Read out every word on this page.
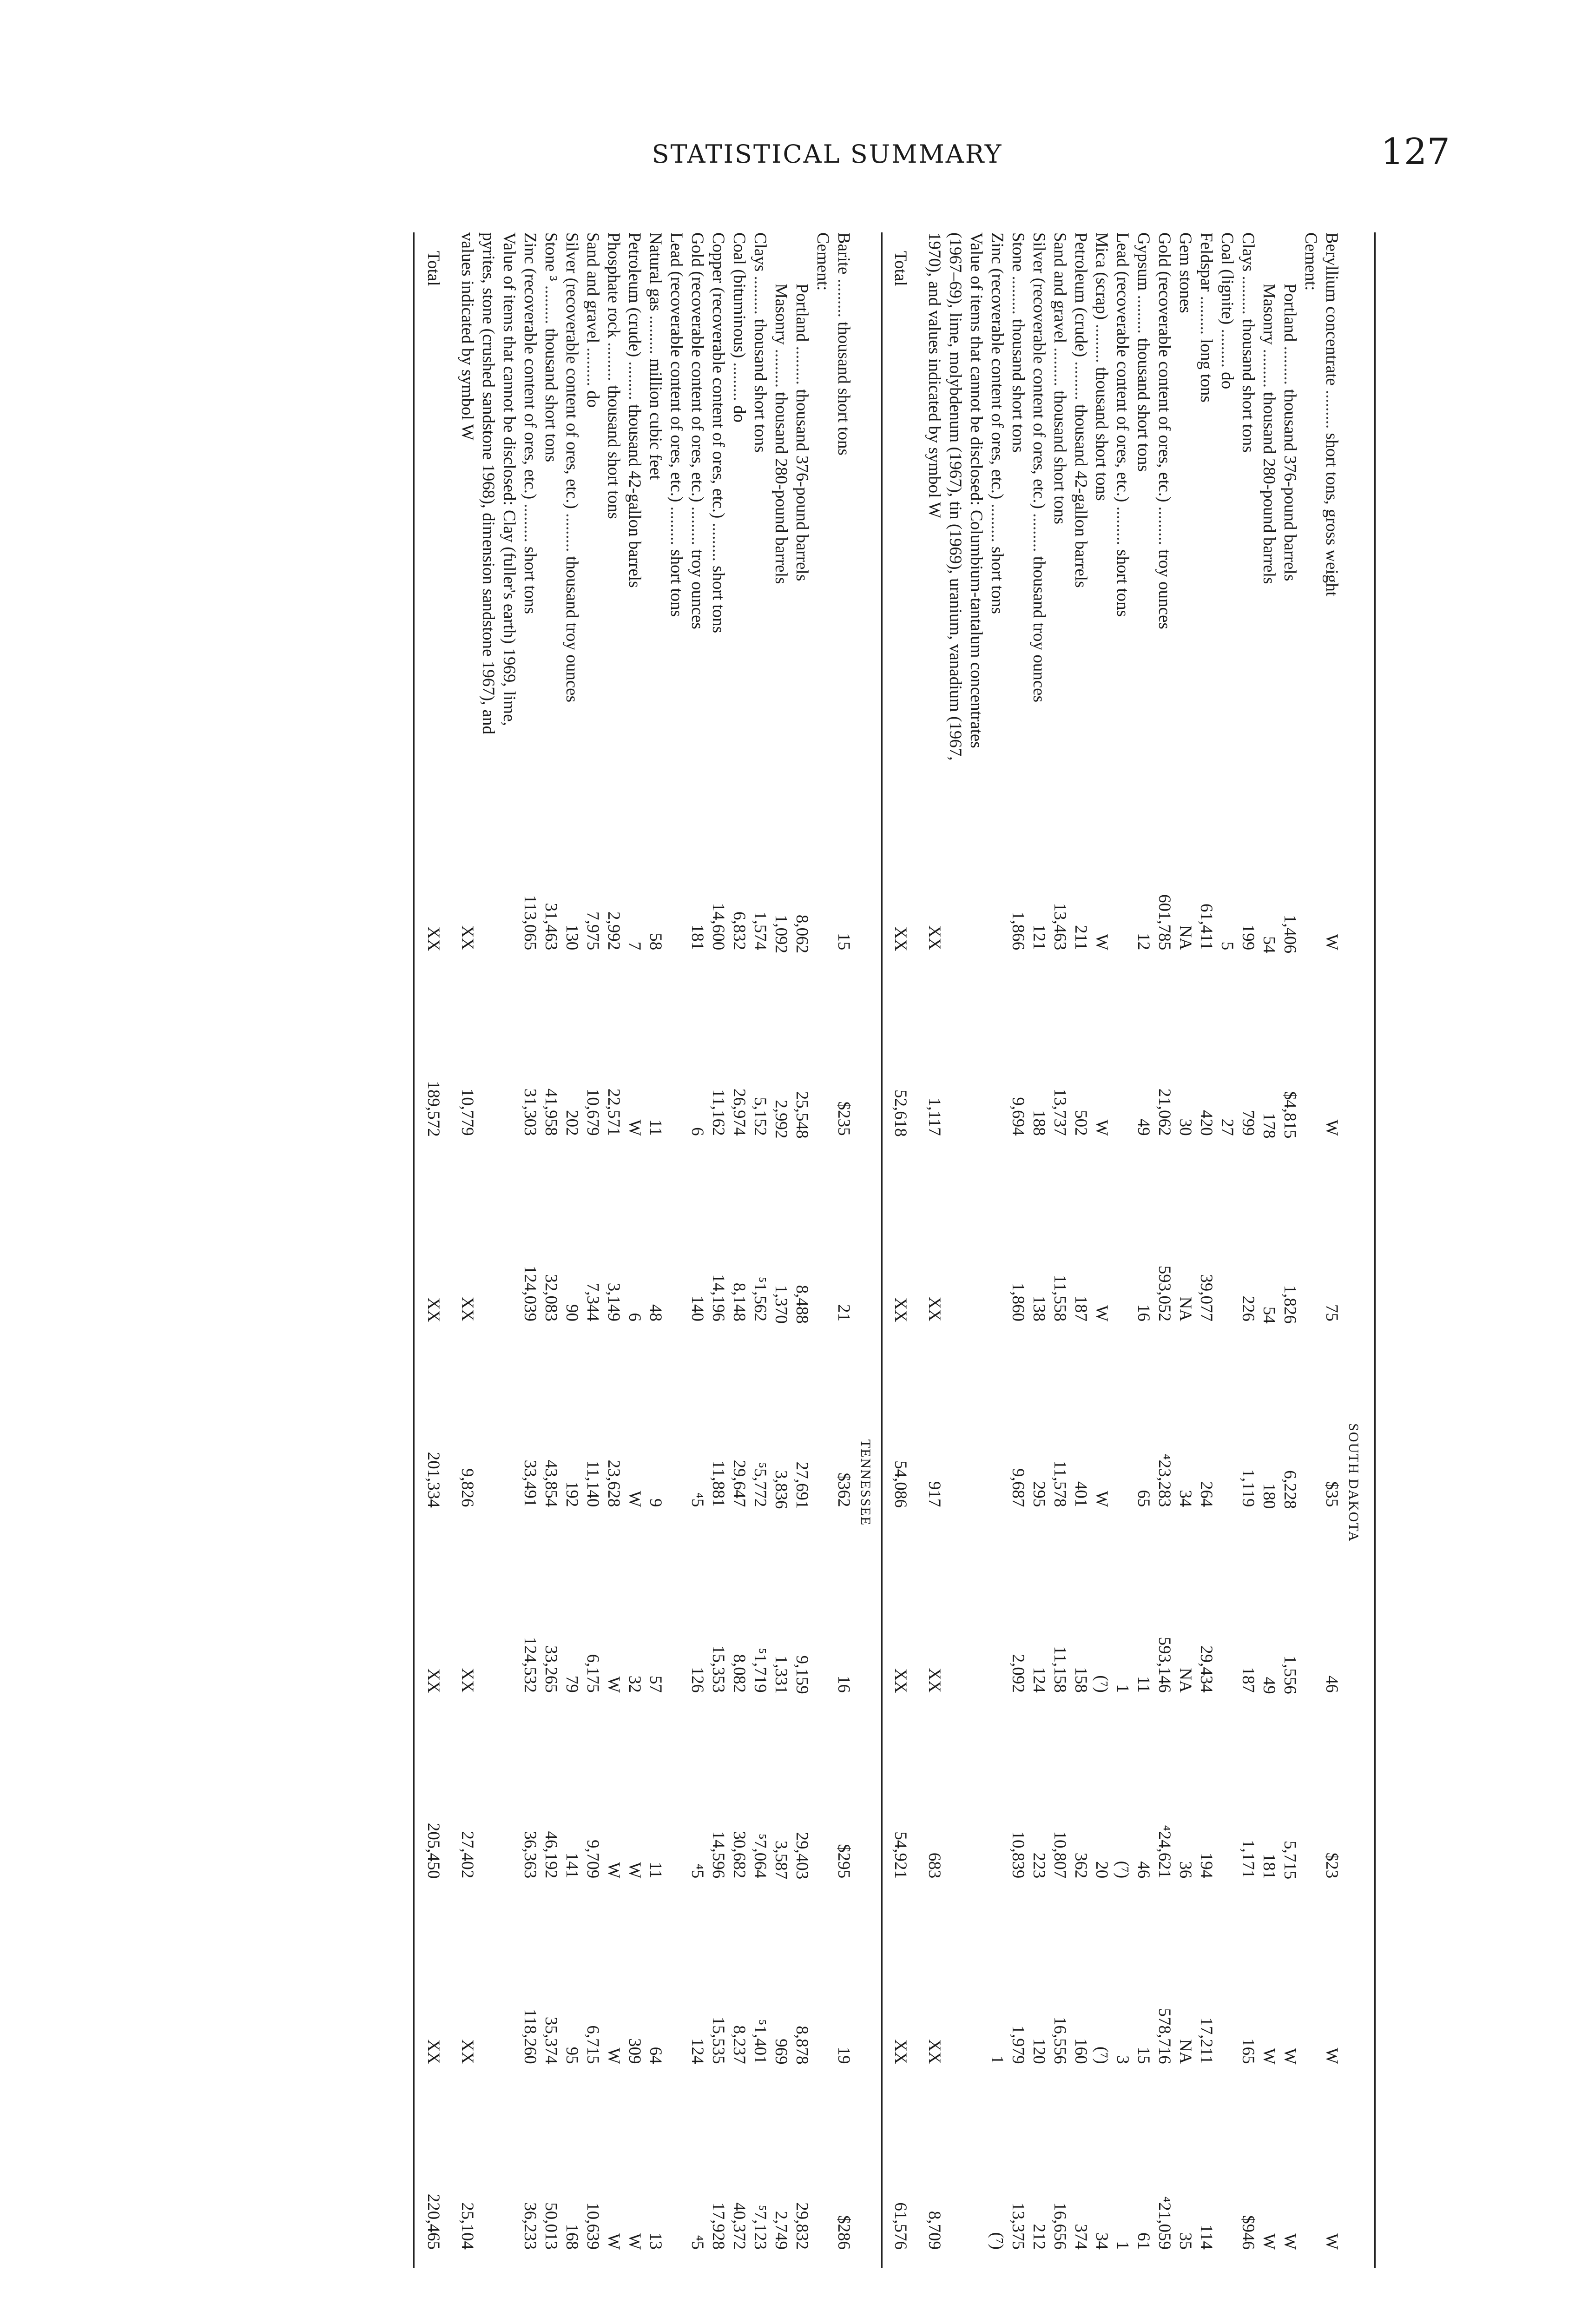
STATISTICAL SUMMARY	127
SOUTH DAKOTA
Beryllium concentrate ......... short tons, gross weight
W
W
75
$35
46
$23
W
W
Cement:
Portland ......... thousand 376-pound barrels
1,406
$4,815
1,826
6,228
1,556
5,715
W
W
Masonry ......... thousand 280-pound barrels
54
178
54
180
49
181
W
W
Clays ......... thousand short tons
199
799
226
1,119
187
1,171
165
$946
Coal (lignite) ......... do
5
27
Feldspar ......... long tons
61,411
420
39,077
264
29,434
194
17,211
114
Gem stones
NA
30
NA
34
NA
36
NA
35
Gold (recoverable content of ores, etc.) ......... troy ounces
601,785
21,062
593,052
⁴23,283
593,146
⁴24,621
578,716
⁴21,059
Gypsum ......... thousand short tons
12
49
16
65
11
46
15
61
Lead (recoverable content of ores, etc.) ......... short tons
1
(⁷)
3
1
Mica (scrap) ......... thousand short tons
W
W
W
W
(⁷)
20
(⁷)
34
Petroleum (crude) ......... thousand 42-gallon barrels
211
502
187
401
158
362
160
374
Sand and gravel ......... thousand short tons
13,463
13,737
11,558
11,578
11,158
10,807
16,556
16,656
Silver (recoverable content of ores, etc.) ......... thousand troy ounces
121
188
138
295
124
223
120
212
Stone ......... thousand short tons
1,866
9,694
1,860
9,687
2,092
10,839
1,979
13,375
Zinc (recoverable content of ores, etc.) ......... short tons
1
(⁷)
Value of items that cannot be disclosed: Columbium-tantalum concentrates (1967–69), lime, molybdenum (1967), tin (1969), uranium, vanadium (1967, 1970), and values indicated by symbol W
XX
1,117
XX
917
XX
683
XX
8,709
Total
XX
52,618
XX
54,086
XX
54,921
XX
61,576
TENNESSEE
Barite ......... thousand short tons
15
$235
21
$362
16
$295
19
$286
Cement:
Portland ......... thousand 376-pound barrels
8,062
25,548
8,488
27,691
9,159
29,403
8,878
29,832
Masonry ......... thousand 280-pound barrels
1,092
2,992
1,370
3,836
1,331
3,587
969
2,749
Clays ......... thousand short tons
1,574
5,152
⁵1,562
⁵5,772
⁵1,719
⁵7,064
⁵1,401
⁵7,123
Coal (bituminous) ......... do
6,832
26,974
8,148
29,647
8,082
30,682
8,237
40,372
Copper (recoverable content of ores, etc.) ......... short tons
14,600
11,162
14,196
11,881
15,353
14,596
15,535
17,928
Gold (recoverable content of ores, etc.) ......... troy ounces
181
6
140
⁴5
126
⁴5
124
⁴5
Lead (recoverable content of ores, etc.) ......... short tons
Natural gas ......... million cubic feet
58
11
48
9
57
11
64
13
Petroleum (crude) ......... thousand 42-gallon barrels
7
W
6
W
32
W
309
W
Phosphate rock ......... thousand short tons
2,992
22,571
3,149
23,628
W
W
W
W
Sand and gravel ......... do
7,975
10,679
7,344
11,140
6,175
9,709
6,715
10,639
Silver (recoverable content of ores, etc.) ......... thousand troy ounces
130
202
90
192
79
141
95
168
Stone ³ ......... thousand short tons
31,463
41,958
32,083
43,854
33,265
46,192
35,374
50,013
Zinc (recoverable content of ores, etc.) ......... short tons
113,065
31,303
124,039
33,491
124,532
36,363
118,260
36,233
Value of items that cannot be disclosed: Clay (fuller's earth) 1969, lime, pyrites, stone (crushed sandstone 1968), dimension sandstone 1967), and values indicated by symbol W
XX
10,779
XX
9,826
XX
27,402
XX
25,104
Total
XX
189,572
XX
201,334
XX
205,450
XX
220,465
